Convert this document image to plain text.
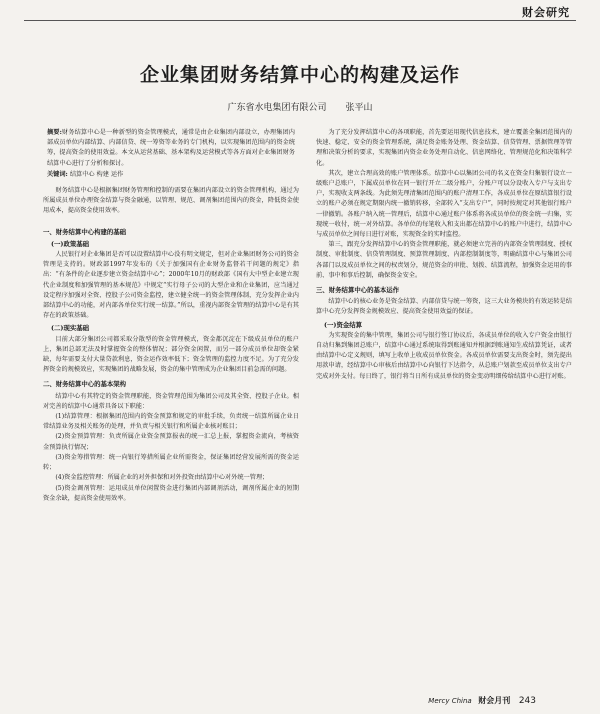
财会研究
企业集团财务结算中心的构建及运作
广东省水电集团有限公司 张平山
摘要:财务结算中心是一种新型的资金管理模式，通常是由企业集团内部设立，办理集团内部成员单位内部结算、内部信贷、统一筹资等业务的专门机构，以实现集团范围内的资金统筹，提高资金的使用效益。本文从运营基础、基本架构及运营模式等各方面对企业集团财务结算中心进行了分析和探讨。
关键词: 结算中心 构建 运作

财务结算中心是根据集团财务管理和控制的需要在集团内部设立的资金管理机构，通过为所属成员单位办理资金结算与资金融通，以管理、规范、调剂集团范围内的资金，降低资金使用成本，提高资金使用效率。

一、财务结算中心构建的基础
(一)政策基础

人民银行对企业集团是否可以设置结算中心没有明文规定，但对企业集团财务公司的资金管理是支持的。财政部1997年发布的《关于加强国有企业财务监督若干问题的规定》指出：“有条件的企业逐步建立资金结算中心”；2000年10月的财政部《国有大中型企业建立现代企业制度和加强管理的基本规范》中规定“实行母子公司的大型企业和企业集团，应当通过设定程序加强对全资、控股子公司资金监控，建立健全统一的资金管理体制，充分发挥企业内部结算中心的功能，对内部各单位实行统一结算。”所以，重视内部资金管理的结算中心是有其存在的政策基础。

(二)现实基础

目前大部分集团公司都采取分散型的资金管理模式，资金都沉淀在下级成员单位的账户上，集团总部无法及时掌握资金的整体情况；部分资金闲置，而另一部分成员单位却资金紧缺，每年需要支付大量贷款利息，资金运作效率低下；资金管理的监控力度不足。为了充分发挥资金的规模效应，实现集团的战略发展，资金的集中管理成为企业集团目前急需的问题。

二、财务结算中心的基本架构

结算中心有其特定的资金管理职能，资金管理范围为集团公司及其全资、控股子企业。相对完善的结算中心通常具备以下职能：

(1)结算管理：根据集团范围内的资金预算和规定的审批手续，负责统一结算所属企业日常结算业务及相关账务的处理，并负责与相关银行和所属企业核对账目；

(2)资金预算管理：负责所属企业资金预算报表的统一汇总上报，掌握资金流向，考核资金预算执行情况；

(3)资金筹措管理：统一向银行筹措所属企业所需资金，保证集团经营发展所需的资金运转；

(4)资金监控管理：所属企业的对外担保和对外投资由结算中心对外统一管理；

(5)资金调剂管理：运用成员单位闲置资金进行集团内部调剂活动，调剂所属企业的短期资金余缺，提高资金使用效率。

为了充分发挥结算中心的各项职能，首先要运用现代信息技术，建立覆盖全集团范围内的快速、稳定、安全的资金管理系统，满足资金账务处理、资金结算、信贷管理、票据管理等管理和决策分析的要求，实现集团内资金业务处理自动化、信息网络化、管理规范化和决策科学化。

其次，建立合理高效的账户管理体系。结算中心以集团公司的名义在资金归集银行设立一级账户总账户，下属成员单位在同一银行开立二级分账户，分账户可以分设收入专户与支出专户，实现收支两条线。为此须先理清集团范围内的账户清理工作，各成员单位在原结算银行设立的账户必须在规定期限内统一撤销转移，全部转入“支出专户”，同时按规定对其他银行账户一律撤销。各账户纳入统一管理后，结算中心通过账户体系将各成员单位的资金统一归集，实现统一收付，统一对外结算。各单位的每笔收入和支出都在结算中心的账户中进行，结算中心与成员单位之间每日进行对账，实现资金的实时监控。

第三，跟充分发挥结算中心的资金管理职能，就必须建立完善的内部资金管理制度、授权制度、审批制度、信贷管理制度、预算管理制度、内部控制制度等，明确结算中心与集团公司各部门以及成员单位之间的权责划分，规范资金的审批、划拨、结算流程，加强资金运用的事前、事中和事后控制，确保资金安全。

三、财务结算中心的基本运作

结算中心的核心业务是资金结算、内部信贷与统一筹资，这三大业务模块的有效运转是结算中心充分发挥资金规模效应、提高资金使用效益的保证。

(一)资金结算

为实现资金的集中管理，集团公司与银行签订协议后，各成员单位的收入专户资金由银行自动归集到集团总账户，结算中心通过系统取得到账通知并根据到账通知生成结算凭证，或者由结算中心定义规则，填写上收单上收成员单位资金。各成员单位需要支出资金时，须先提出用款申请，经结算中心审核后由结算中心向银行下达指令，从总账户划款至成员单位支出专户完成对外支付。每日终了，银行将当日所有成员单位的资金变动明细传给结算中心进行对账。

Mercy China 财会月刊 243
